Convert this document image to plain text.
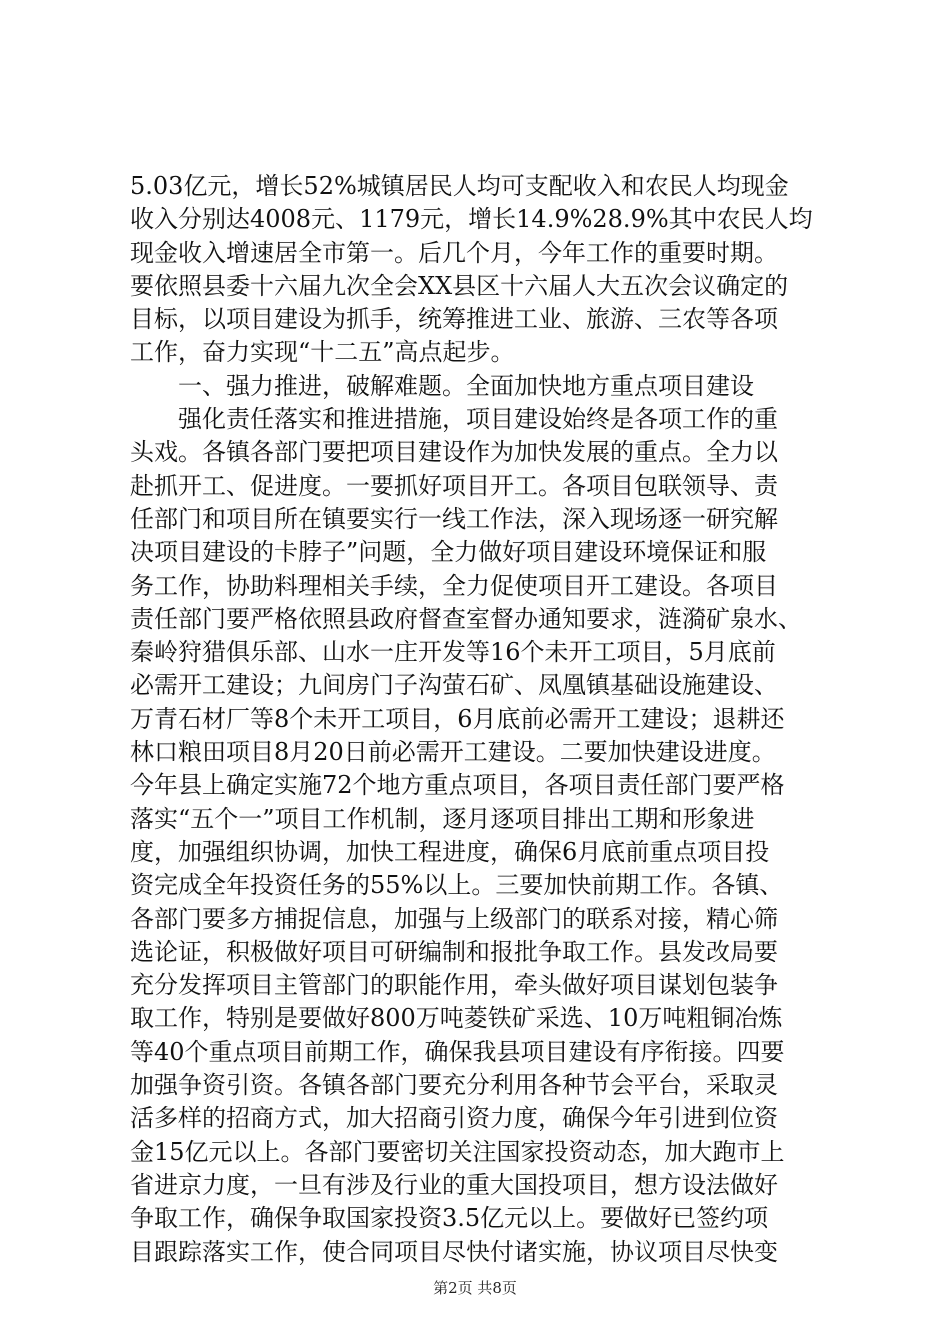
5.03亿元，增长52%城镇居民人均可支配收入和农民人均现金
收入分别达4008元、1179元，增长14.9%28.9%其中农民人均
现金收入增速居全市第一。后几个月，今年工作的重要时期。
要依照县委十六届九次全会XX县区十六届人大五次会议确定的
目标，以项目建设为抓手，统筹推进工业、旅游、三农等各项
工作，奋力实现“十二五”高点起步。
　　一、强力推进，破解难题。全面加快地方重点项目建设
　　强化责任落实和推进措施，项目建设始终是各项工作的重
头戏。各镇各部门要把项目建设作为加快发展的重点。全力以
赴抓开工、促进度。一要抓好项目开工。各项目包联领导、责
任部门和项目所在镇要实行一线工作法，深入现场逐一研究解
决项目建设的卡脖子”问题，全力做好项目建设环境保证和服
务工作，协助料理相关手续，全力促使项目开工建设。各项目
责任部门要严格依照县政府督查室督办通知要求，涟漪矿泉水、
秦岭狩猎俱乐部、山水一庄开发等16个未开工项目，5月底前
必需开工建设；九间房门子沟萤石矿、凤凰镇基础设施建设、
万青石材厂等8个未开工项目，6月底前必需开工建设；退耕还
林口粮田项目8月20日前必需开工建设。二要加快建设进度。
今年县上确定实施72个地方重点项目，各项目责任部门要严格
落实“五个一”项目工作机制，逐月逐项目排出工期和形象进
度，加强组织协调，加快工程进度，确保6月底前重点项目投
资完成全年投资任务的55%以上。三要加快前期工作。各镇、
各部门要多方捕捉信息，加强与上级部门的联系对接，精心筛
选论证，积极做好项目可研编制和报批争取工作。县发改局要
充分发挥项目主管部门的职能作用，牵头做好项目谋划包装争
取工作，特别是要做好800万吨菱铁矿采选、10万吨粗铜冶炼
等40个重点项目前期工作，确保我县项目建设有序衔接。四要
加强争资引资。各镇各部门要充分利用各种节会平台，采取灵
活多样的招商方式，加大招商引资力度，确保今年引进到位资
金15亿元以上。各部门要密切关注国家投资动态，加大跑市上
省进京力度，一旦有涉及行业的重大国投项目，想方设法做好
争取工作，确保争取国家投资3.5亿元以上。要做好已签约项
目跟踪落实工作，使合同项目尽快付诸实施，协议项目尽快变
第2页 共8页
